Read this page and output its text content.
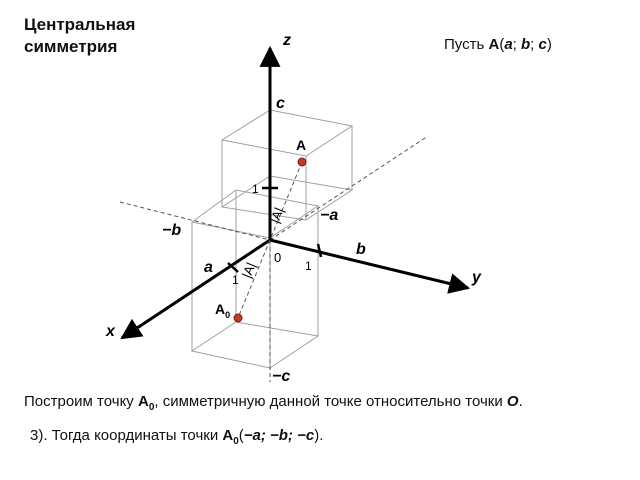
z
y
x
0
c
−c
a
−a
b
−b
1
1
1
A
$A_0$
|A|
|A|
Центральная
симметрия	Пусть A(a; b; c)
Построим точку $A_0$, симметричную данной точке относительно точки O.
3). Тогда координаты точки $A_0(-a$; −b; −c).
